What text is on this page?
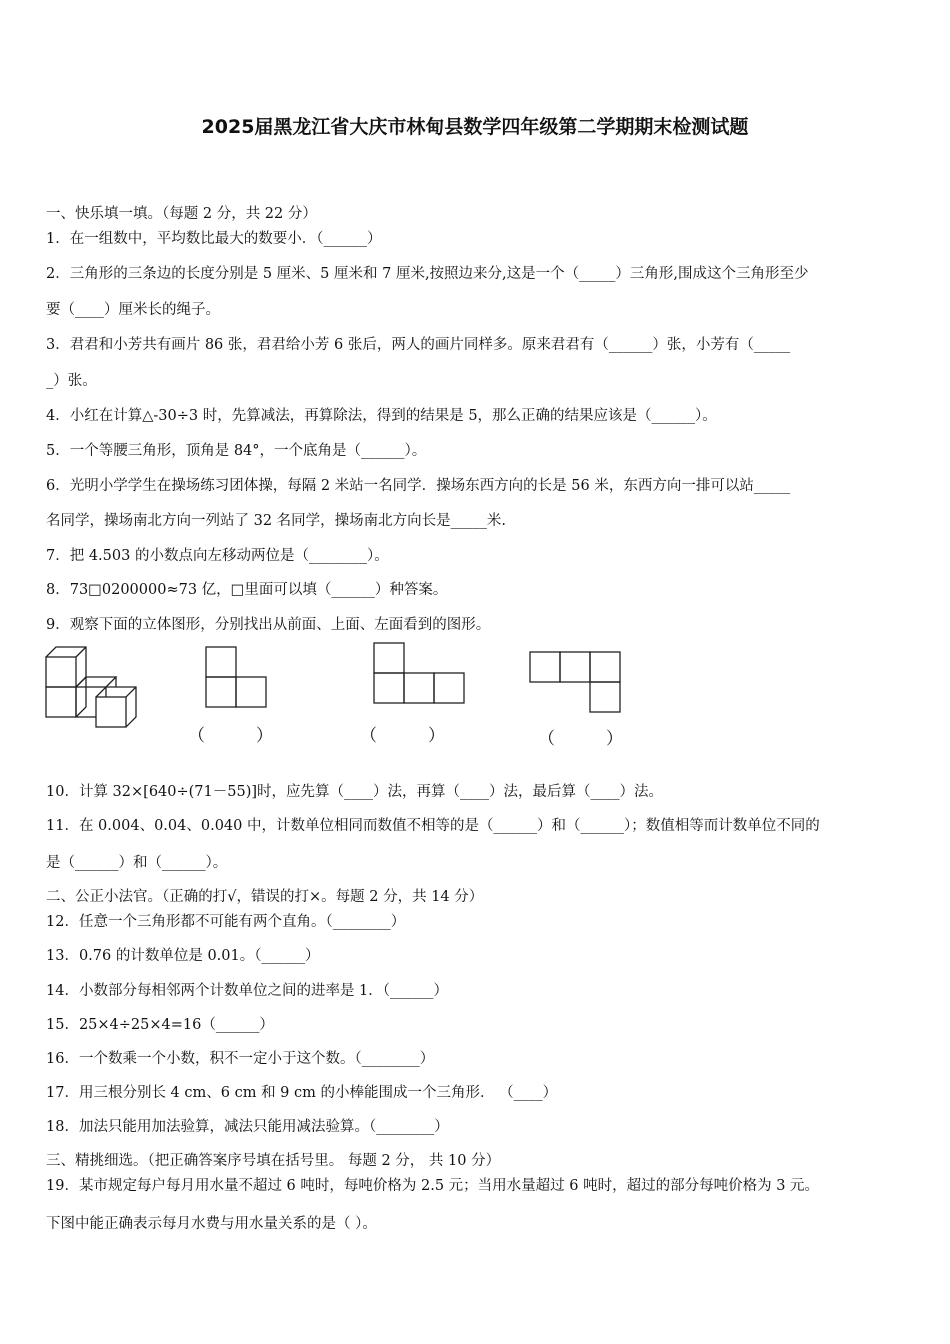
2025届黑龙江省大庆市林甸县数学四年级第二学期期末检测试题
一、快乐填一填。（每题 2 分，共 22 分）
1．在一组数中，平均数比最大的数要小．（______）
2．三角形的三条边的长度分别是 5 厘米、5 厘米和 7 厘米,按照边来分,这是一个（_____）三角形,围成这个三角形至少
要（____）厘米长的绳子。
3．君君和小芳共有画片 86 张，君君给小芳 6 张后，两人的画片同样多。原来君君有（______）张，小芳有（_____
_）张。
4．小红在计算△-30÷3 时，先算减法，再算除法，得到的结果是 5，那么正确的结果应该是（______）。
5．一个等腰三角形，顶角是 84°，一个底角是（______）。
6．光明小学学生在操场练习团体操，每隔 2 米站一名同学．操场东西方向的长是 56 米，东西方向一排可以站_____
名同学，操场南北方向一列站了 32 名同学，操场南北方向长是_____米.
7．把 4.503 的小数点向左移动两位是（________）。
8．73□0200000≈73 亿，□里面可以填（______）种答案。
9．观察下面的立体图形，分别找出从前面、上面、左面看到的图形。
（　　　）	（　　　）	（　　　）
10．计算 32×[640÷(71－55)]时，应先算（____）法，再算（____）法，最后算（____）法。
11．在 0.004、0.04、0.040 中，计数单位相同而数值不相等的是（______）和（______）；数值相等而计数单位不同的
是（______）和（______）。
二、公正小法官。（正确的打√，错误的打×。每题 2 分，共 14 分）
12．任意一个三角形都不可能有两个直角。（________）
13．0.76 的计数单位是 0.01。（______）
14．小数部分每相邻两个计数单位之间的进率是 1．（______）
15．25×4÷25×4=16（______）
16．一个数乘一个小数，积不一定小于这个数。（________）
17．用三根分别长 4 cm、6 cm 和 9 cm 的小棒能围成一个三角形． （____）
18．加法只能用加法验算，减法只能用减法验算。（________）
三、精挑细选。（把正确答案序号填在括号里。 每题 2 分， 共 10 分）
19．某市规定每户每月用水量不超过 6 吨时，每吨价格为 2.5 元；当用水量超过 6 吨时，超过的部分每吨价格为 3 元。
下图中能正确表示每月水费与用水量关系的是（ ）。
